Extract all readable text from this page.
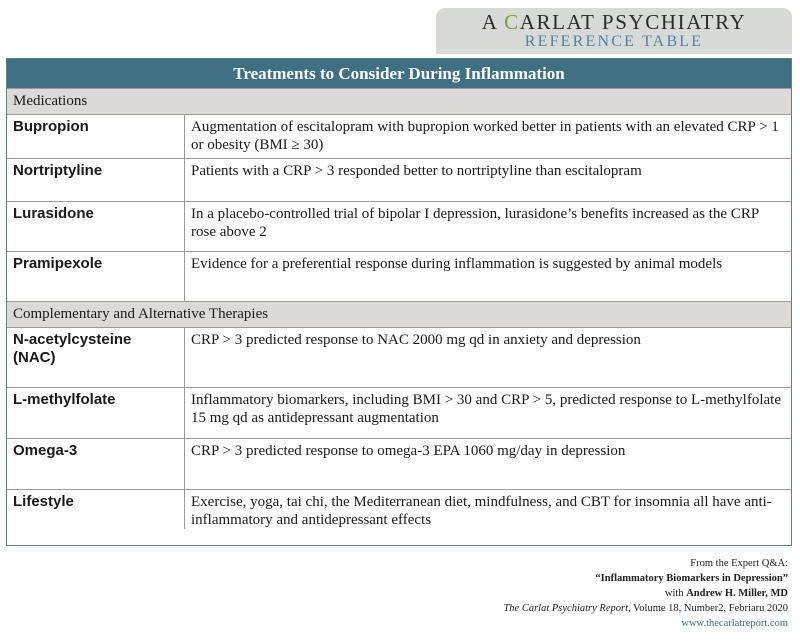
A CARLAT PSYCHIATRY
REFERENCE TABLE
Treatments to Consider During Inflammation
Medications
Bupropion	Augmentation of escitalopram with bupropion worked better in patients with an elevated CRP > 1 or obesity (BMI ≥ 30)
Nortriptyline	Patients with a CRP > 3 responded better to nortriptyline than escitalopram
Lurasidone	In a placebo-controlled trial of bipolar I depression, lurasidone’s benefits increased as the CRP rose above 2
Pramipexole	Evidence for a preferential response during inflammation is suggested by animal models
Complementary and Alternative Therapies
N-acetylcysteine (NAC)	CRP > 3 predicted response to NAC 2000 mg qd in anxiety and depression
L-methylfolate	Inflammatory biomarkers, including BMI > 30 and CRP > 5, predicted response to L-methylfolate 15 mg qd as antidepressant augmentation
Omega-3	CRP > 3 predicted response to omega-3 EPA 1060 mg/day in depression
Lifestyle	Exercise, yoga, tai chi, the Mediterranean diet, mindfulness, and CBT for insomnia all have anti-inflammatory and antidepressant effects
From the Expert Q&A:
“Inflammatory Biomarkers in Depression”
with Andrew H. Miller, MD
The Carlat Psychiatry Report, Volume 18, Number2, Febriaru 2020
www.thecarlatreport.com
